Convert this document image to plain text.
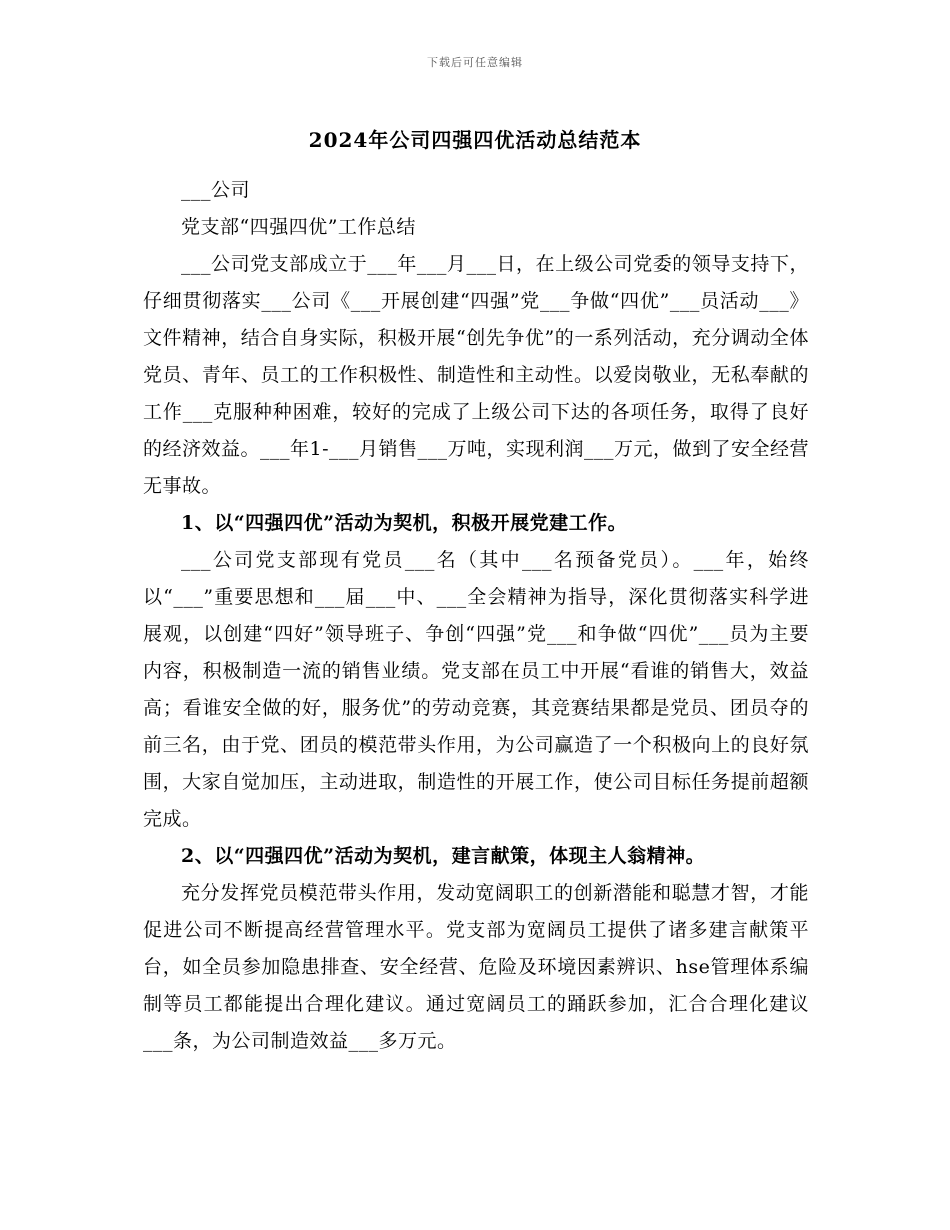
下载后可任意编辑
2024年公司四强四优活动总结范本

___公司

党支部“四强四优”工作总结

___公司党支部成立于___年___月___日，在上级公司党委的领导支持下，仔细贯彻落实___公司《___开展创建“四强”党___争做“四优”___员活动___》文件精神，结合自身实际，积极开展“创先争优”的一系列活动，充分调动全体党员、青年、员工的工作积极性、制造性和主动性。以爱岗敬业，无私奉献的工作___克服种种困难，较好的完成了上级公司下达的各项任务，取得了良好的经济效益。___年1-___月销售___万吨，实现利润___万元，做到了安全经营无事故。

1、以“四强四优”活动为契机，积极开展党建工作。

___公司党支部现有党员___名（其中___名预备党员）。___年，始终以“___”重要思想和___届___中、___全会精神为指导，深化贯彻落实科学进展观，以创建“四好”领导班子、争创“四强”党___和争做“四优”___员为主要内容，积极制造一流的销售业绩。党支部在员工中开展“看谁的销售大，效益高；看谁安全做的好，服务优”的劳动竞赛，其竞赛结果都是党员、团员夺的前三名，由于党、团员的模范带头作用，为公司赢造了一个积极向上的良好氛围，大家自觉加压，主动进取，制造性的开展工作，使公司目标任务提前超额完成。

2、以“四强四优”活动为契机，建言献策，体现主人翁精神。

充分发挥党员模范带头作用，发动宽阔职工的创新潜能和聪慧才智，才能促进公司不断提高经营管理水平。党支部为宽阔员工提供了诸多建言献策平台，如全员参加隐患排查、安全经营、危险及环境因素辨识、hse管理体系编制等员工都能提出合理化建议。通过宽阔员工的踊跃参加，汇合合理化建议___条，为公司制造效益___多万元。
